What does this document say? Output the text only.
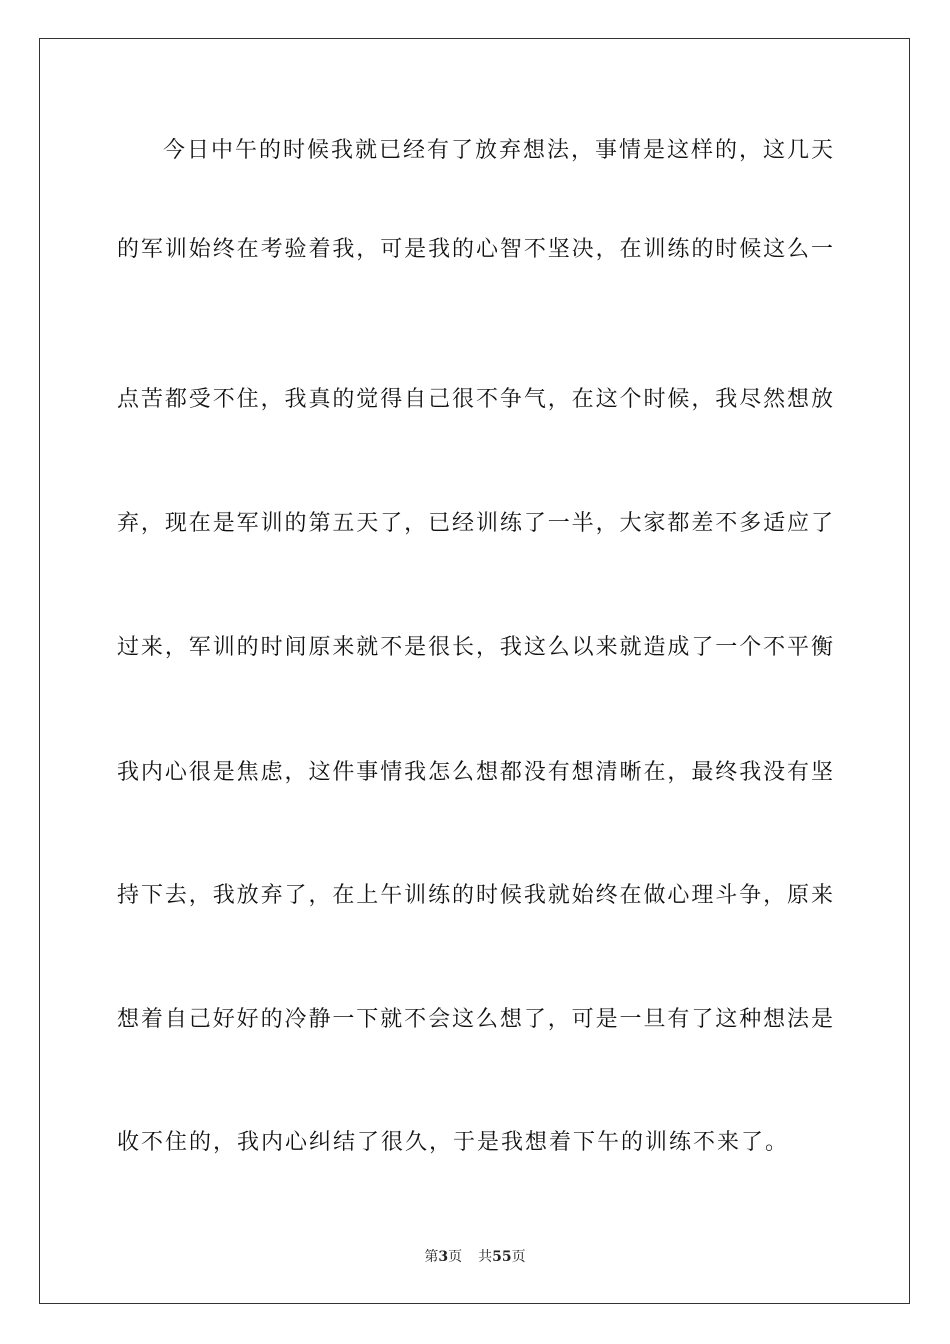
今日中午的时候我就已经有了放弃想法，事情是这样的，这几天
的军训始终在考验着我，可是我的心智不坚决，在训练的时候这么一
点苦都受不住，我真的觉得自己很不争气，在这个时候，我尽然想放
弃，现在是军训的第五天了，已经训练了一半，大家都差不多适应了
过来，军训的时间原来就不是很长，我这么以来就造成了一个不平衡
我内心很是焦虑，这件事情我怎么想都没有想清晰在，最终我没有坚
持下去，我放弃了，在上午训练的时候我就始终在做心理斗争，原来
想着自己好好的冷静一下就不会这么想了，可是一旦有了这种想法是
收不住的，我内心纠结了很久，于是我想着下午的训练不来了。
第3页 共55页
